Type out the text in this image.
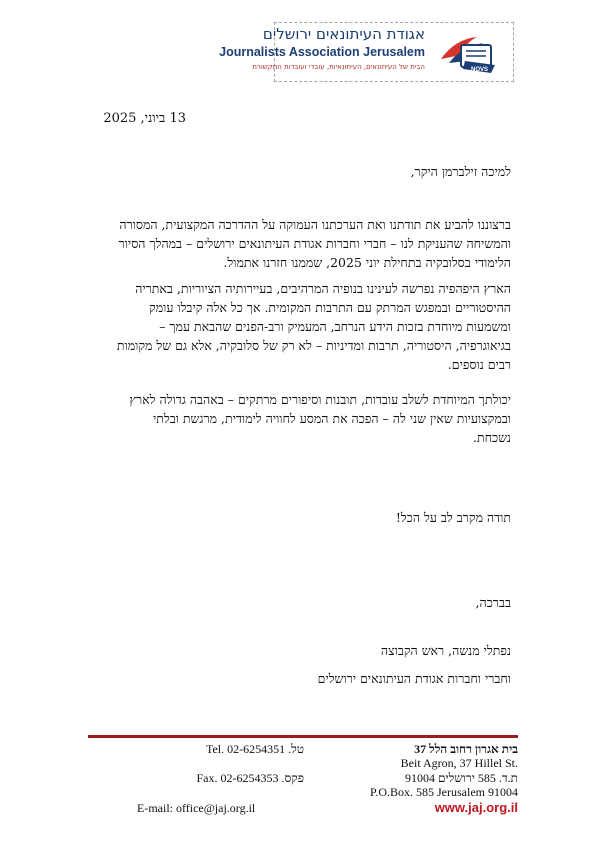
אגודת העיתונאים ירושלים
Journalists Association Jerusalem
הבית של העיתונאים, העיתונאיות, עובדי ועובדות התקשורת	NOVS
13 ביוני, 2025
למיכה זילברמן היקר,
ברצוננו להביע את תודתנו ואת הערכתנו העמוקה על ההדרכה המקצועית, המסורה והמשיחה שהעניקת לנו – חברי וחברות אגודת העיתונאים ירושלים – במהלך הסיור הלימודי בסלובקיה בתחילת יוני 2025, שממנו חזרנו אתמול.
הארץ היפהפיה נפרשה לעינינו בנופיה המרהיבים, בעיירותיה הציוריות, באתריה ההיסטוריים ובמפגש המרתק עם התרבות המקומית. אך כל אלה קיבלו עומק ומשמעות מיוחדת בזכות הידע הנרחב, המעמיק ורב-הפנים שהבאת עמך – בגיאוגרפיה, היסטוריה, תרבות ומדיניות – לא רק של סלובקיה, אלא גם של מקומות רבים נוספים.
יכולתך המיוחדת לשלב עובדות, תובנות וסיפורים מרתקים – באהבה גדולה לארץ ובמקצועיות שאין שני לה – הפכה את המסע לחוויה לימודית, מרגשת ובלתי נשכחת.
תודה מקרב לב על הכל!
בברכה,
נפתלי מנשה, ראש הקבוצה
וחברי וחברות אגודת העיתונאים ירושלים
בית אגרון רחוב הלל 37
Beit Agron, 37 Hillel St.
ת.ד. 585 ירושלים 91004
P.O.Box. 585 Jerusalem 91004
טל. 02-6254351 .Tel
פקס. 02-6254353 .Fax
E-mail: office@jaj.org.il	www.jaj.org.il
